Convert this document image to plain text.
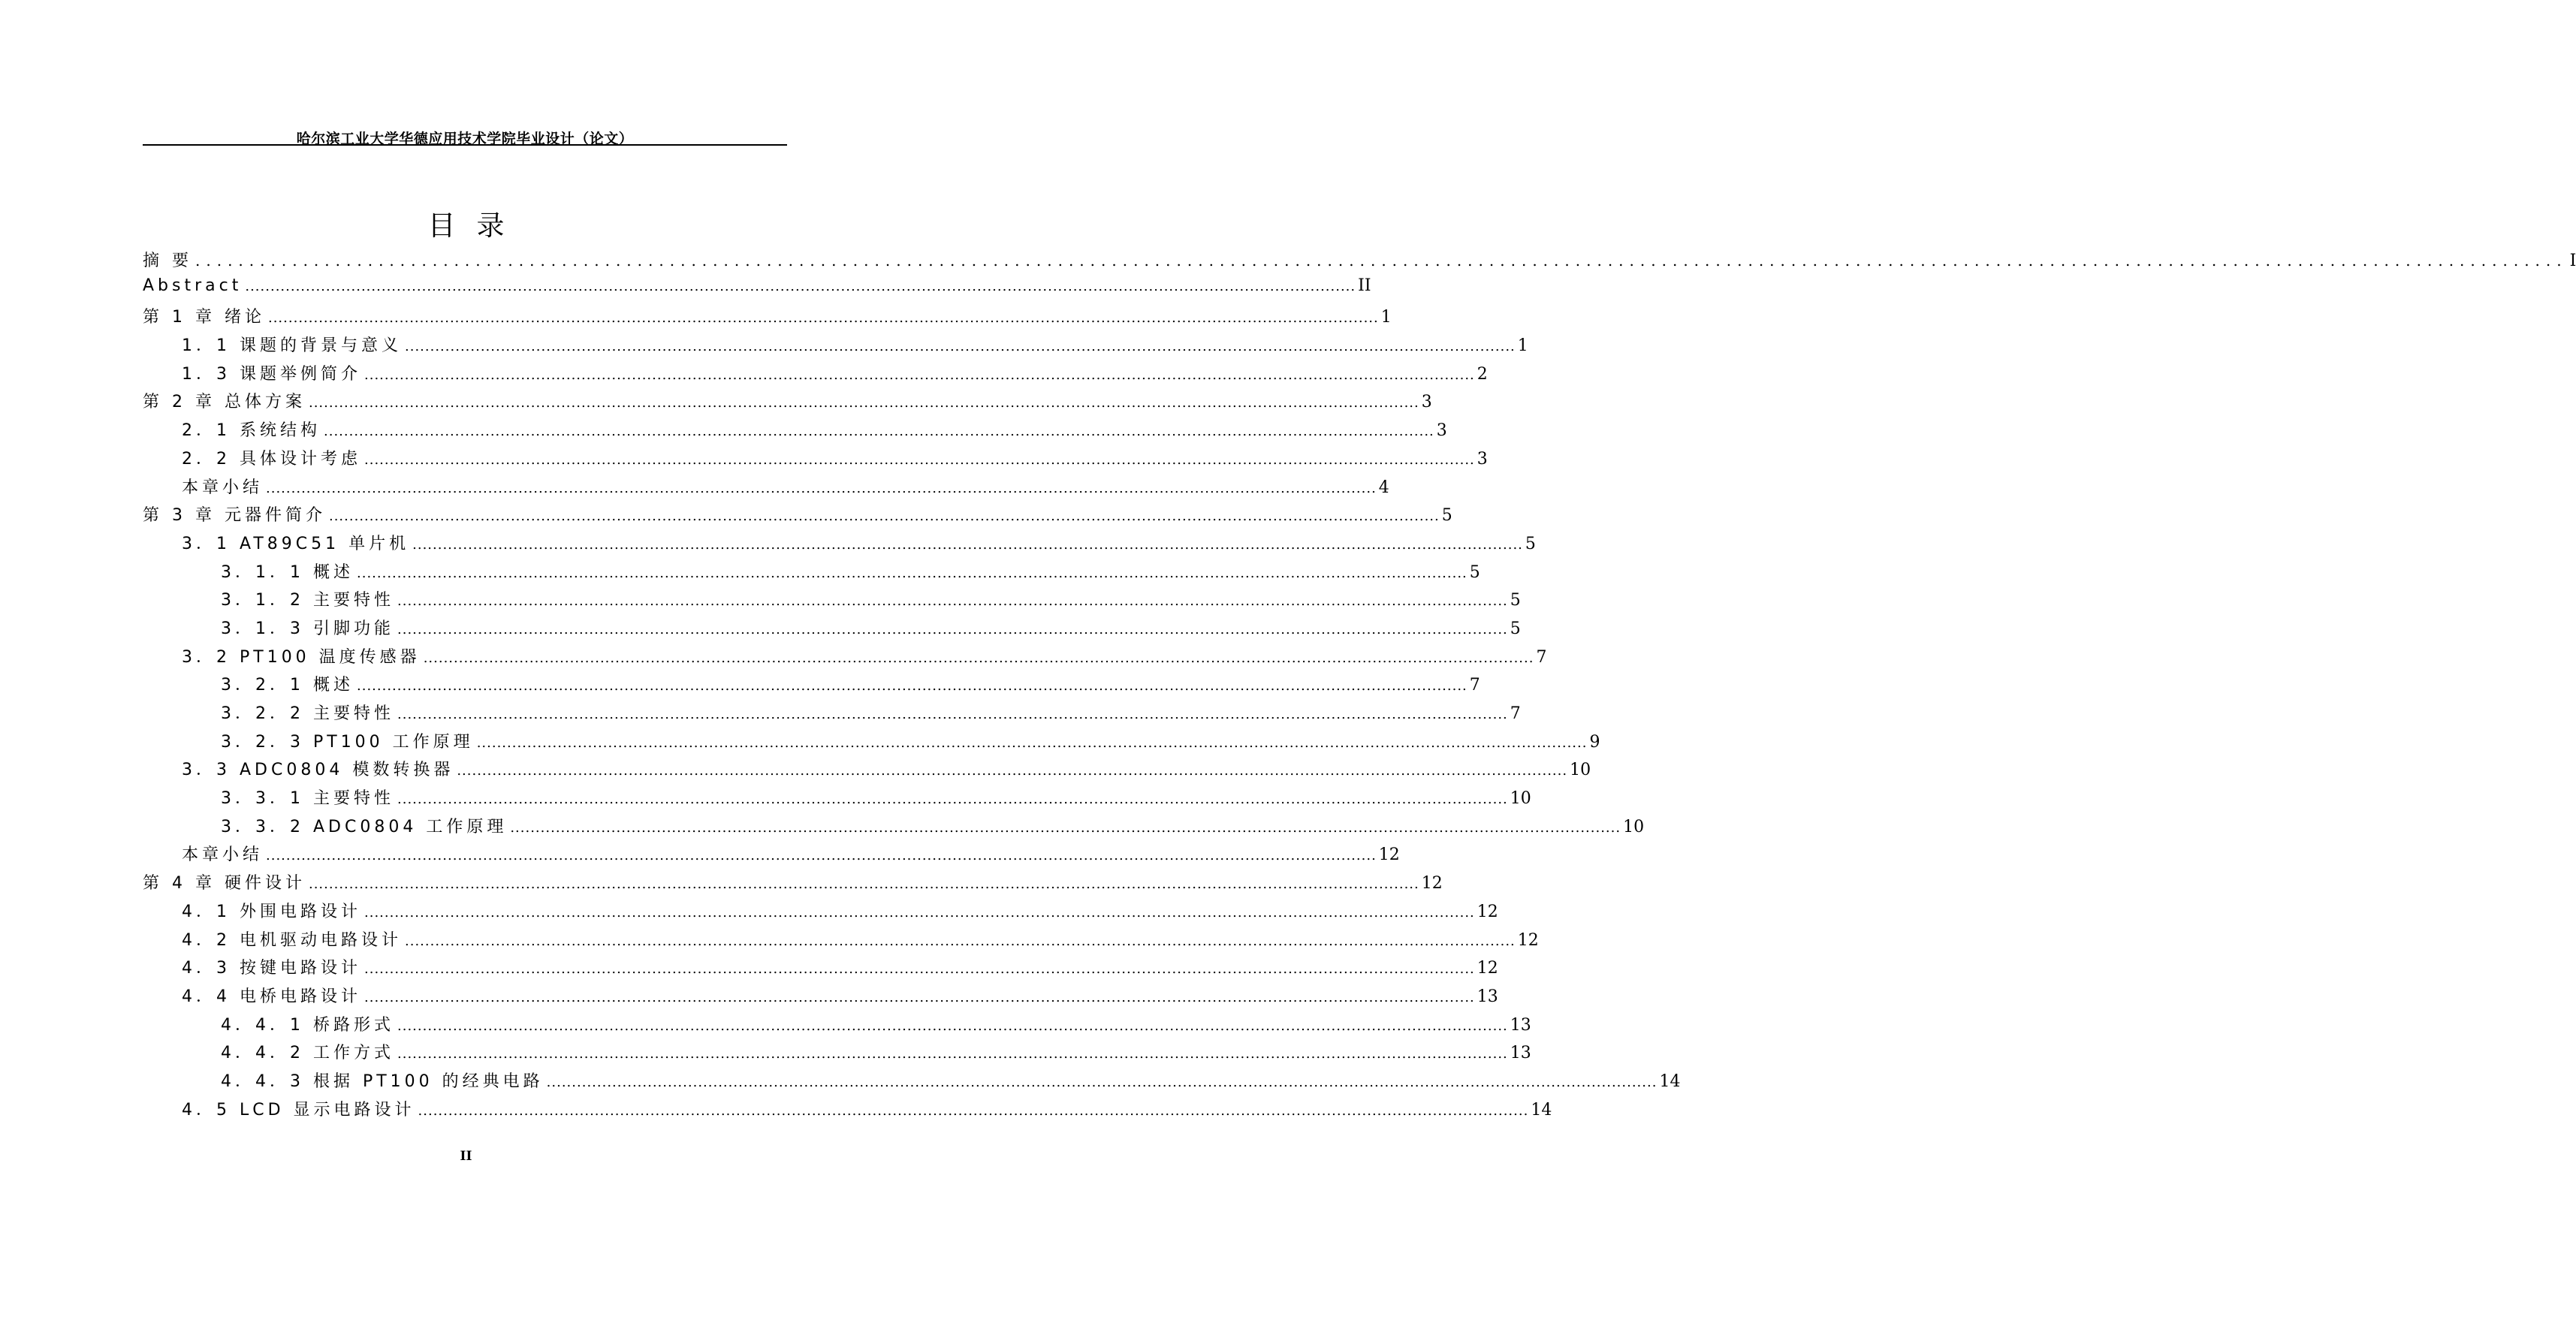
哈尔滨工业大学华德应用技术学院毕业设计（论文）
目录
摘 要 ............................................................................................................................................................................................................................ I
Abstract ............................................................................................................................................................................................................................ II
第 1 章 绪论 ............................................................................................................................................................................................................................ 1
1．1 课题的背景与意义 ............................................................................................................................................................................................................................ 1
1．3 课题举例简介 ............................................................................................................................................................................................................................ 2
第 2 章 总体方案 ............................................................................................................................................................................................................................ 3
2．1 系统结构 ............................................................................................................................................................................................................................ 3
2．2 具体设计考虑 ............................................................................................................................................................................................................................ 3
本章小结 ............................................................................................................................................................................................................................ 4
第 3 章 元器件简介 ............................................................................................................................................................................................................................ 5
3．1 AT89C51 单片机 ............................................................................................................................................................................................................................ 5
3．1．1 概述 ............................................................................................................................................................................................................................ 5
3．1．2 主要特性 ............................................................................................................................................................................................................................ 5
3．1．3 引脚功能 ............................................................................................................................................................................................................................ 5
3．2 PT100 温度传感器 ............................................................................................................................................................................................................................ 7
3．2．1 概述 ............................................................................................................................................................................................................................ 7
3．2．2 主要特性 ............................................................................................................................................................................................................................ 7
3．2．3 PT100 工作原理 ............................................................................................................................................................................................................................ 9
3．3 ADC0804 模数转换器 ............................................................................................................................................................................................................................ 10
3．3．1 主要特性 ............................................................................................................................................................................................................................ 10
3．3．2 ADC0804 工作原理 ............................................................................................................................................................................................................................ 10
本章小结 ............................................................................................................................................................................................................................ 12
第 4 章 硬件设计 ............................................................................................................................................................................................................................ 12
4．1 外围电路设计 ............................................................................................................................................................................................................................ 12
4．2 电机驱动电路设计 ............................................................................................................................................................................................................................ 12
4．3 按键电路设计 ............................................................................................................................................................................................................................ 12
4．4 电桥电路设计 ............................................................................................................................................................................................................................ 13
4．4．1 桥路形式 ............................................................................................................................................................................................................................ 13
4．4．2 工作方式 ............................................................................................................................................................................................................................ 13
4．4．3 根据 PT100 的经典电路 ............................................................................................................................................................................................................................ 14
4．5 LCD 显示电路设计 ............................................................................................................................................................................................................................ 14
II
